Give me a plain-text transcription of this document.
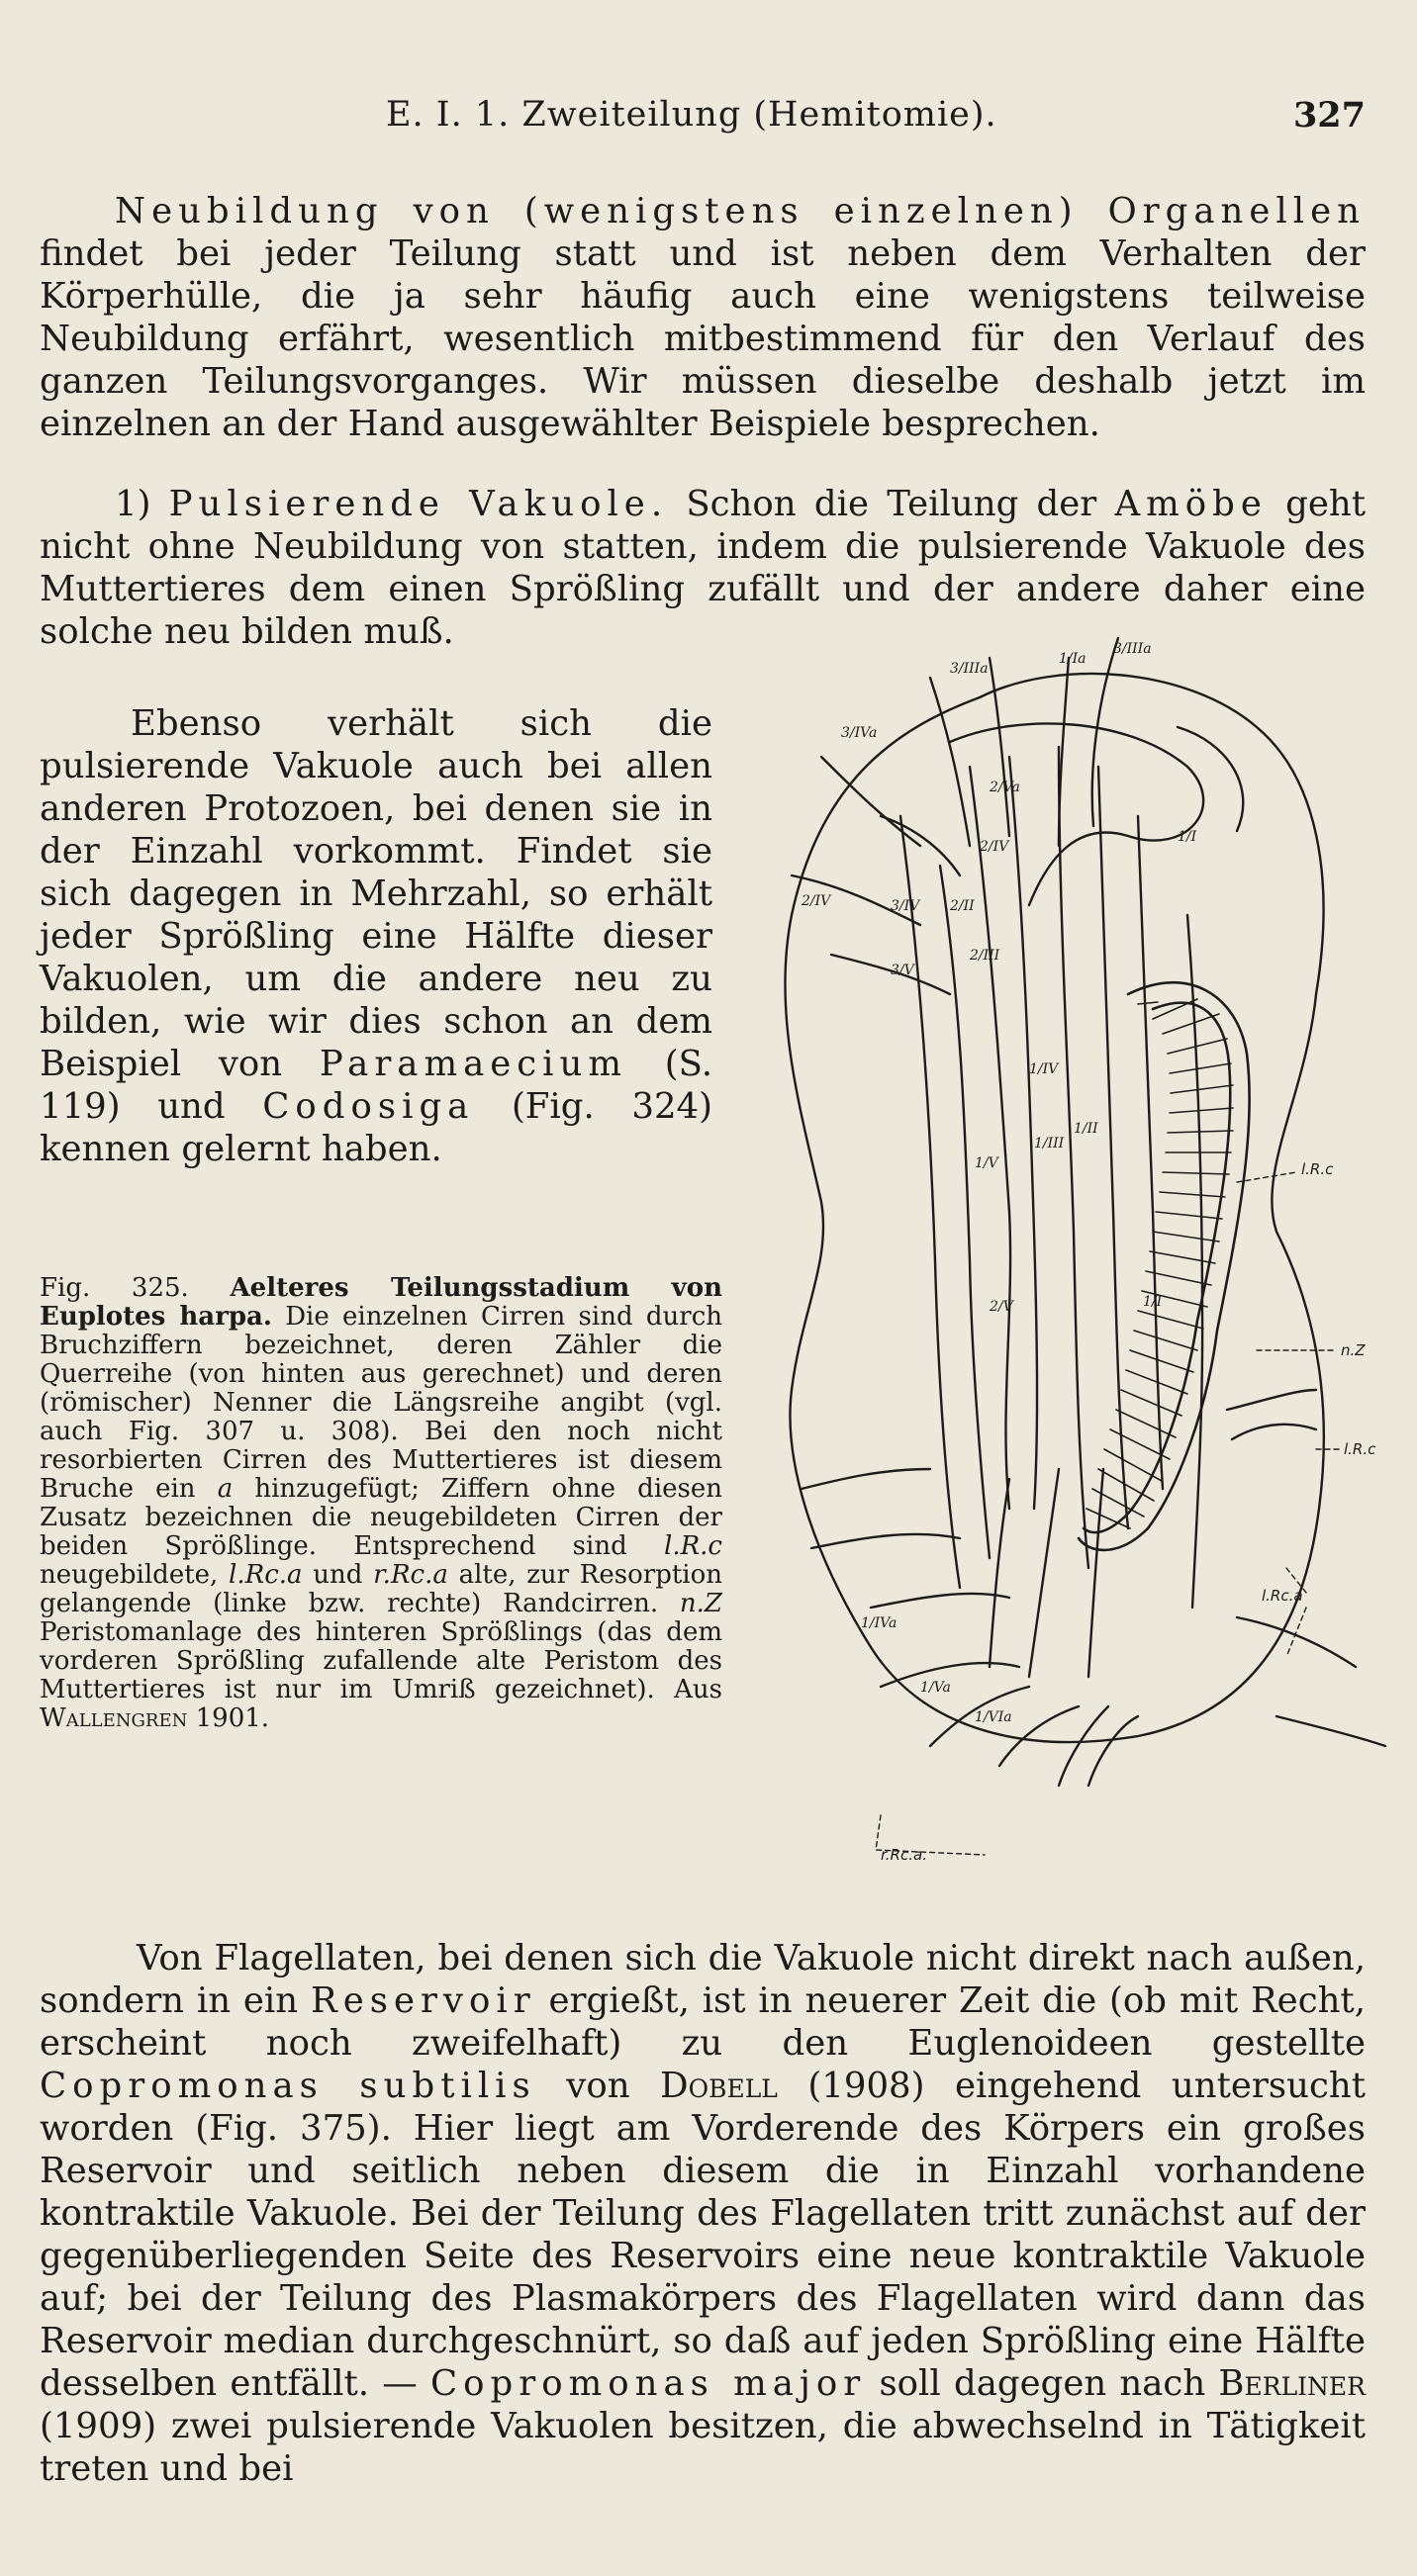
E. I. 1. Zweiteilung (Hemitomie).	327

Neubildung von (wenigstens einzelnen) Organellen findet bei jeder Teilung statt und ist neben dem Verhalten der Körperhülle, die ja sehr häufig auch eine wenigstens teilweise Neubildung erfährt, wesentlich mitbestimmend für den Verlauf des ganzen Teilungsvorganges. Wir müssen dieselbe deshalb jetzt im einzelnen an der Hand ausgewählter Beispiele besprechen.

1) Pulsierende Vakuole. Schon die Teilung der Amöbe geht nicht ohne Neubildung von statten, indem die pulsierende Vakuole des Muttertieres dem einen Sprößling zufällt und der andere daher eine solche neu bilden muß.

Ebenso verhält sich die pulsierende Vakuole auch bei allen anderen Protozoen, bei denen sie in der Einzahl vorkommt. Findet sie sich dagegen in Mehrzahl, so erhält jeder Sprößling eine Hälfte dieser Vakuolen, um die andere neu zu bilden, wie wir dies schon an dem Beispiel von Paramaecium (S. 119) und Codosiga (Fig. 324) kennen gelernt haben.

Fig. 325. Aelteres Teilungsstadium von Euplotes harpa. Die einzelnen Cirren sind durch Bruchziffern bezeichnet, deren Zähler die Querreihe (von hinten aus gerechnet) und deren (römischer) Nenner die Längsreihe angibt (vgl. auch Fig. 307 u. 308). Bei den noch nicht resorbierten Cirren des Muttertieres ist diesem Bruche ein a hinzugefügt; Ziffern ohne diesen Zusatz bezeichnen die neugebildeten Cirren der beiden Sprößlinge. Entsprechend sind l.R.c neugebildete, l.Rc.a und r.Rc.a alte, zur Resorption gelangende (linke bzw. rechte) Randcirren. n.Z Peristomanlage des hinteren Sprößlings (das dem vorderen Sprößling zufallende alte Peristom des Muttertieres ist nur im Umriß gezeichnet). Aus Wallengren 1901.

l.R.c
n.Z
l.R.c
l.Rc.a
r.Rc.a.
3/IVa
3/IIIa
1/Ia
3/IIIa
2/Va
3/IV
2/IV
1/I
3/V
2/II
2/III
2/IV
1/IV
1/V
1/III
1/II
1/I
2/V
1/IVa
1/Va
1/VIa

Von Flagellaten, bei denen sich die Vakuole nicht direkt nach außen, sondern in ein Reservoir ergießt, ist in neuerer Zeit die (ob mit Recht, erscheint noch zweifelhaft) zu den Euglenoideen gestellte Copromonas subtilis von Dobell (1908) eingehend untersucht worden (Fig. 375). Hier liegt am Vorderende des Körpers ein großes Reservoir und seitlich neben diesem die in Einzahl vorhandene kontraktile Vakuole. Bei der Teilung des Flagellaten tritt zunächst auf der gegenüberliegenden Seite des Reservoirs eine neue kontraktile Vakuole auf; bei der Teilung des Plasmakörpers des Flagellaten wird dann das Reservoir median durchgeschnürt, so daß auf jeden Sprößling eine Hälfte desselben entfällt. — Copromonas major soll dagegen nach Berliner (1909) zwei pulsierende Vakuolen besitzen, die abwechselnd in Tätigkeit treten und bei
